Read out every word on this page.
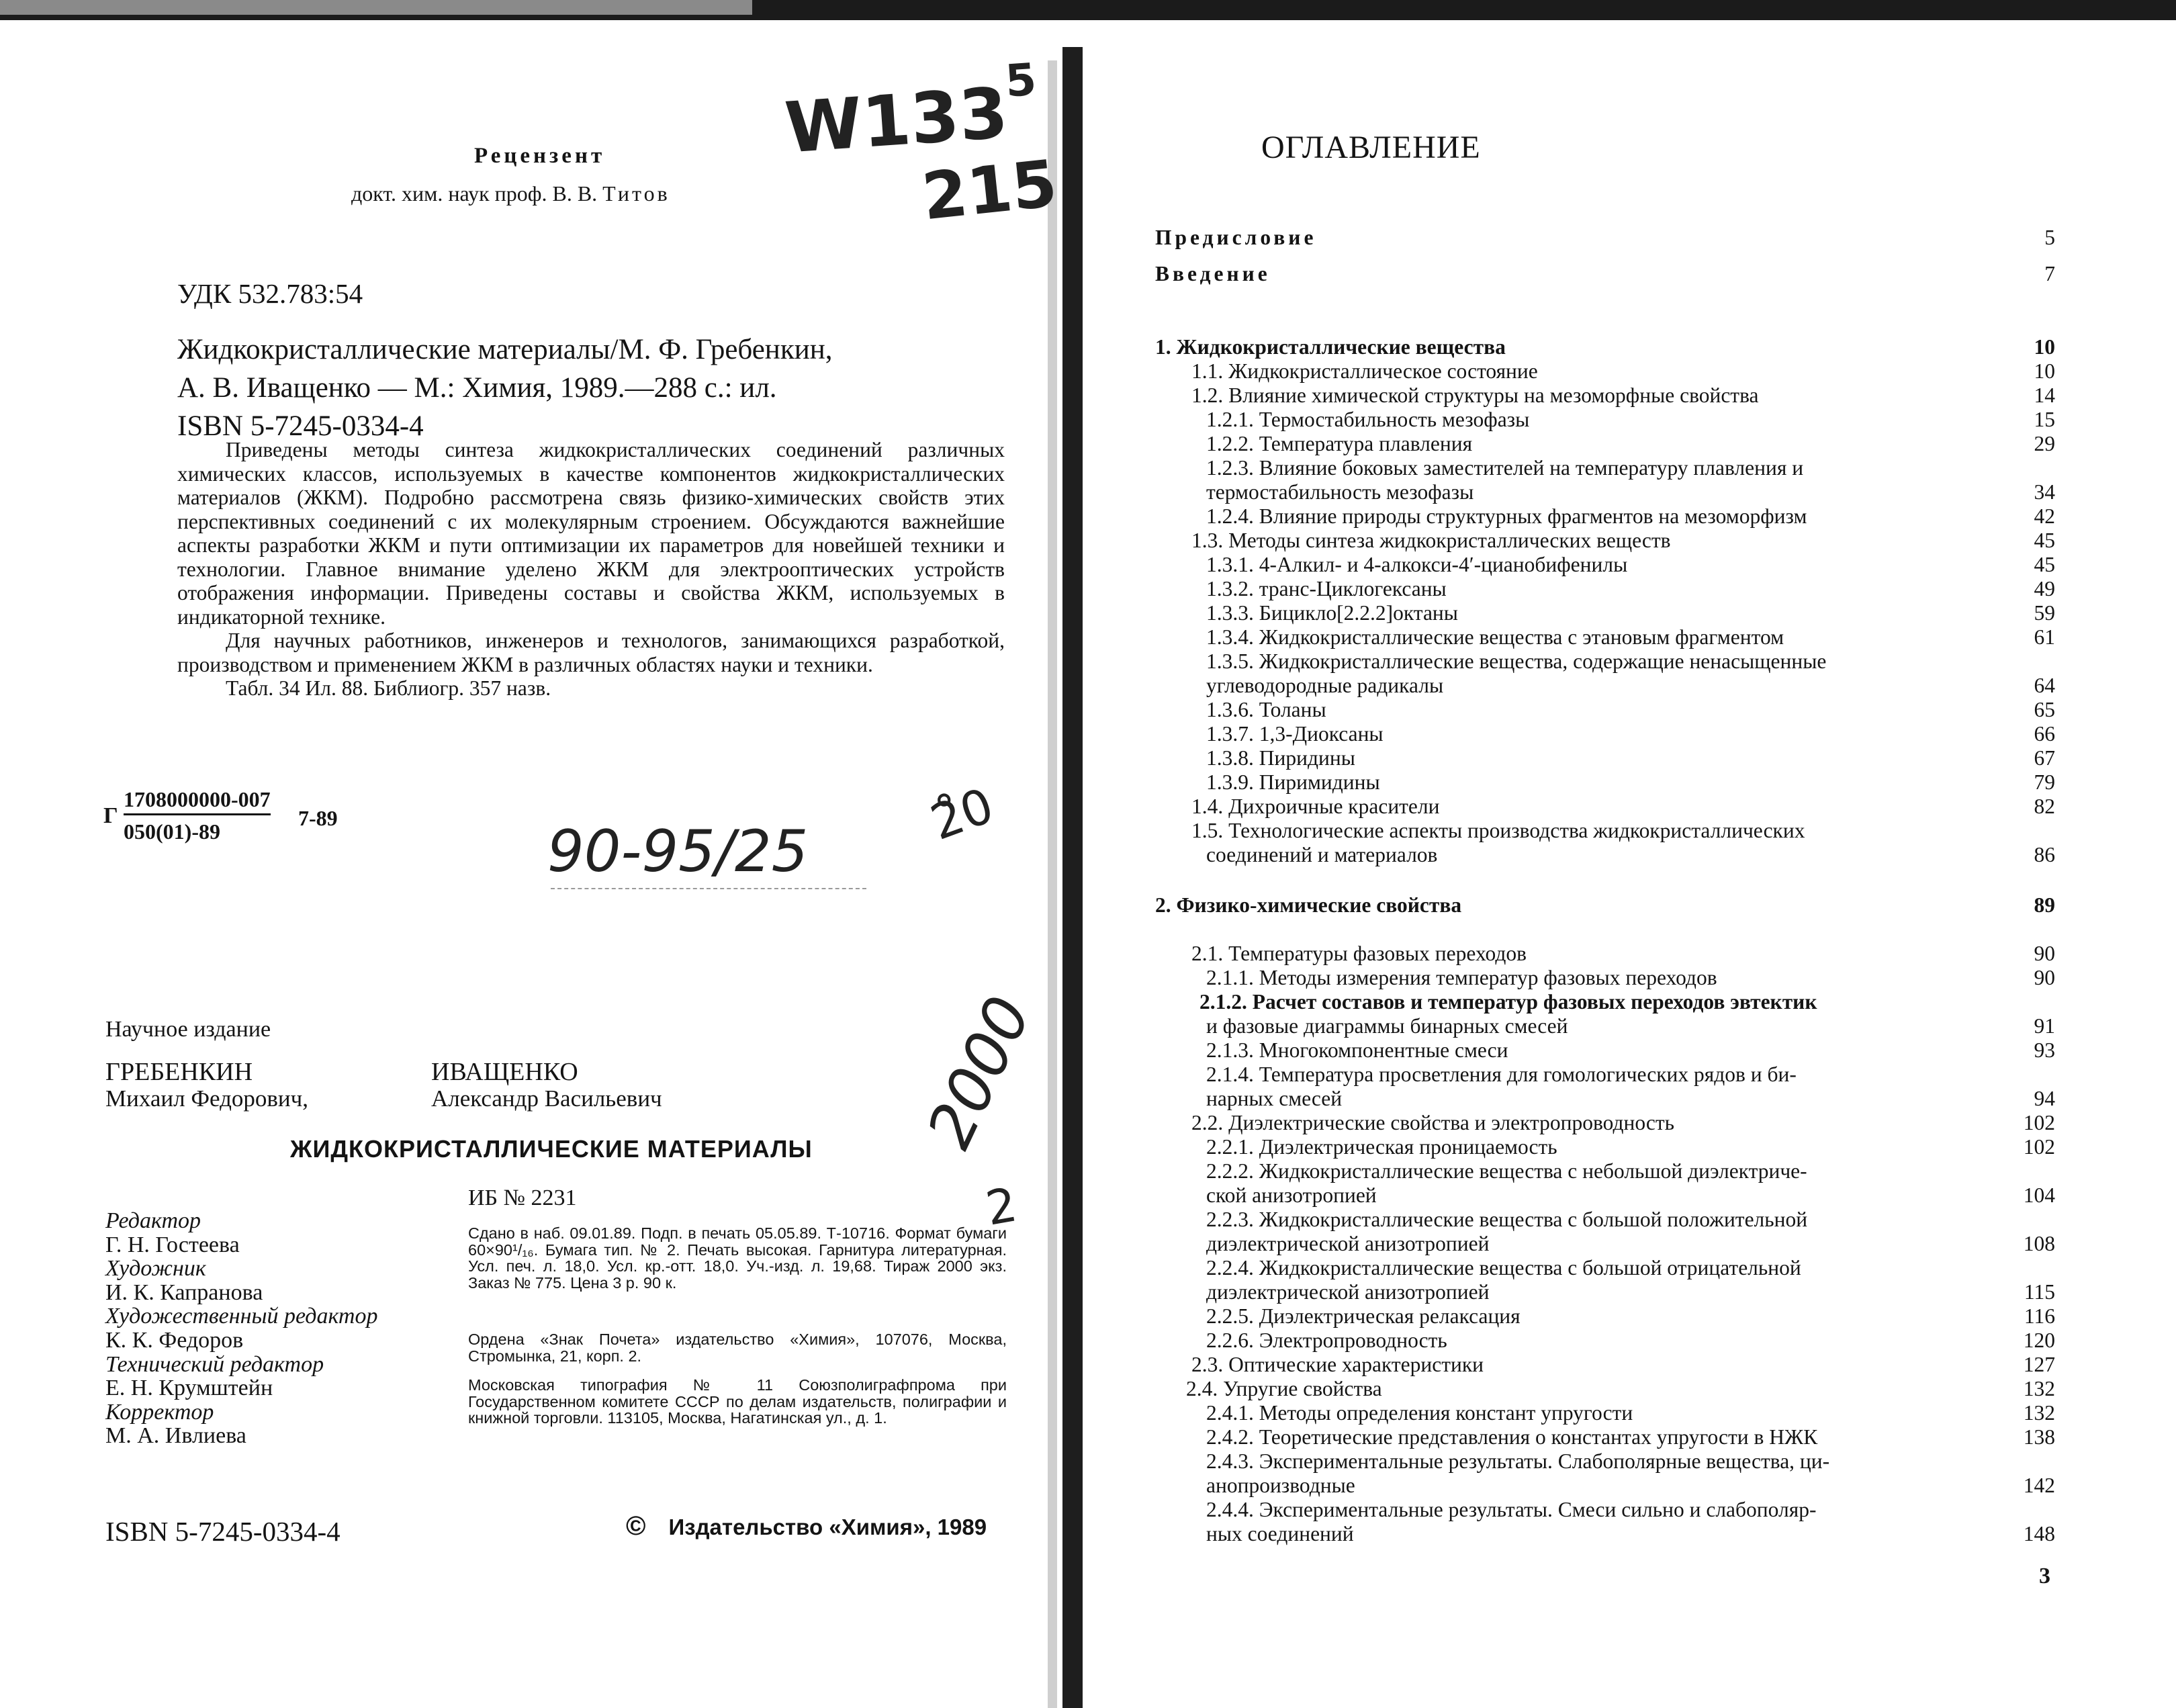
Рецензент
докт. хим. наук проф. В. В. Титов
$W133^5$
215
УДК 532.783:54
Жидкокристаллические материалы/М. Ф. Гребенкин,
А. В. Иващенко — М.: Химия, 1989.—288 с.: ил.
ISBN 5-7245-0334-4

Приведены методы синтеза жидкокристаллических соединений различных химических классов, используемых в качестве компонентов жидкокристаллических материалов (ЖКМ). Подробно рассмотрена связь физико-химических свойств этих перспективных соединений с их молекулярным строением. Обсуждаются важнейшие аспекты разработки ЖКМ и пути оптимизации их параметров для новейшей техники и технологии. Главное внимание уделено ЖКМ для электрооптических устройств отображения информации. Приведены составы и свойства ЖКМ, используемых в индикаторной технике.

Для научных работников, инженеров и технологов, занимающихся разработкой, производством и применением ЖКМ в различных областях науки и техники.

Табл. 34 Ил. 88. Библиогр. 357 назв.

Г
1708000000-007
050(01)-89
7-89	90-95/25
2̊0
Научное издание
ГРЕБЕНКИН
Михаил Федорович,
ИВАЩЕНКО
Александр Васильевич
ЖИДКОКРИСТАЛЛИЧЕСКИЕ МАТЕРИАЛЫ 2000
2
ИБ № 2231
Редактор
Г. Н. Гостеева
Художник
И. К. Капранова
Художественный редактор
К. К. Федоров
Технический редактор
Е. Н. Крумштейн
Корректор
М. А. Ивлиева
Сдано в наб. 09.01.89. Подп. в печать 05.05.89. Т-10716. Формат бумаги 60×90¹/₁₆. Бумага тип. № 2. Печать высокая. Гарнитура литературная. Усл. печ. л. 18,0. Усл. кр.-отт. 18,0. Уч.-изд. л. 19,68. Тираж 2000 экз. Заказ № 775. Цена 3 р. 90 к.
Ордена «Знак Почета» издательство «Химия», 107076, Москва, Стромынка, 21, корп. 2.
Московская типография № 11 Союзполиграфпрома при Государственном комитете СССР по делам издательств, полиграфии и книжной торговли. 113105, Москва, Нагатинская ул., д. 1.
ISBN 5-7245-0334-4	© Издательство «Химия», 1989
ОГЛАВЛЕНИЕ
Предисловие	5
Введение	7
1. Жидкокристаллические вещества	10
1.1. Жидкокристаллическое состояние	10
1.2. Влияние химической структуры на мезоморфные свойства	14
1.2.1. Термостабильность мезофазы	15
1.2.2. Температура плавления	29
1.2.3. Влияние боковых заместителей на температуру плавления и
термостабильность мезофазы	34
1.2.4. Влияние природы структурных фрагментов на мезоморфизм	42
1.3. Методы синтеза жидкокристаллических веществ	45
1.3.1. 4-Алкил- и 4-алкокси-4′-цианобифенилы	45
1.3.2. транс-Циклогексаны	49
1.3.3. Бицикло[2.2.2]октаны	59
1.3.4. Жидкокристаллические вещества с этановым фрагментом	61
1.3.5. Жидкокристаллические вещества, содержащие ненасыщенные
углеводородные радикалы	64
1.3.6. Толаны	65
1.3.7. 1,3-Диоксаны	66
1.3.8. Пиридины	67
1.3.9. Пиримидины	79
1.4. Дихроичные красители	82
1.5. Технологические аспекты производства жидкокристаллических
соединений и материалов	86
2. Физико-химические свойства	89
2.1. Температуры фазовых переходов	90
2.1.1. Методы измерения температур фазовых переходов	90
2.1.2. Расчет составов и температур фазовых переходов эвтектик
и фазовые диаграммы бинарных смесей	91
2.1.3. Многокомпонентные смеси	93
2.1.4. Температура просветления для гомологических рядов и би-
нарных смесей	94
2.2. Диэлектрические свойства и электропроводность	102
2.2.1. Диэлектрическая проницаемость	102
2.2.2. Жидкокристаллические вещества с небольшой диэлектриче-
ской анизотропией	104
2.2.3. Жидкокристаллические вещества с большой положительной
диэлектрической анизотропией	108
2.2.4. Жидкокристаллические вещества с большой отрицательной
диэлектрической анизотропией	115
2.2.5. Диэлектрическая релаксация	116
2.2.6. Электропроводность	120
2.3. Оптические характеристики	127
2.4. Упругие свойства	132
2.4.1. Методы определения констант упругости	132
2.4.2. Теоретические представления о константах упругости в НЖК	138
2.4.3. Экспериментальные результаты. Слабополярные вещества, ци-
анопроизводные	142
2.4.4. Экспериментальные результаты. Смеси сильно и слабополяр-
ных соединений	148
3
